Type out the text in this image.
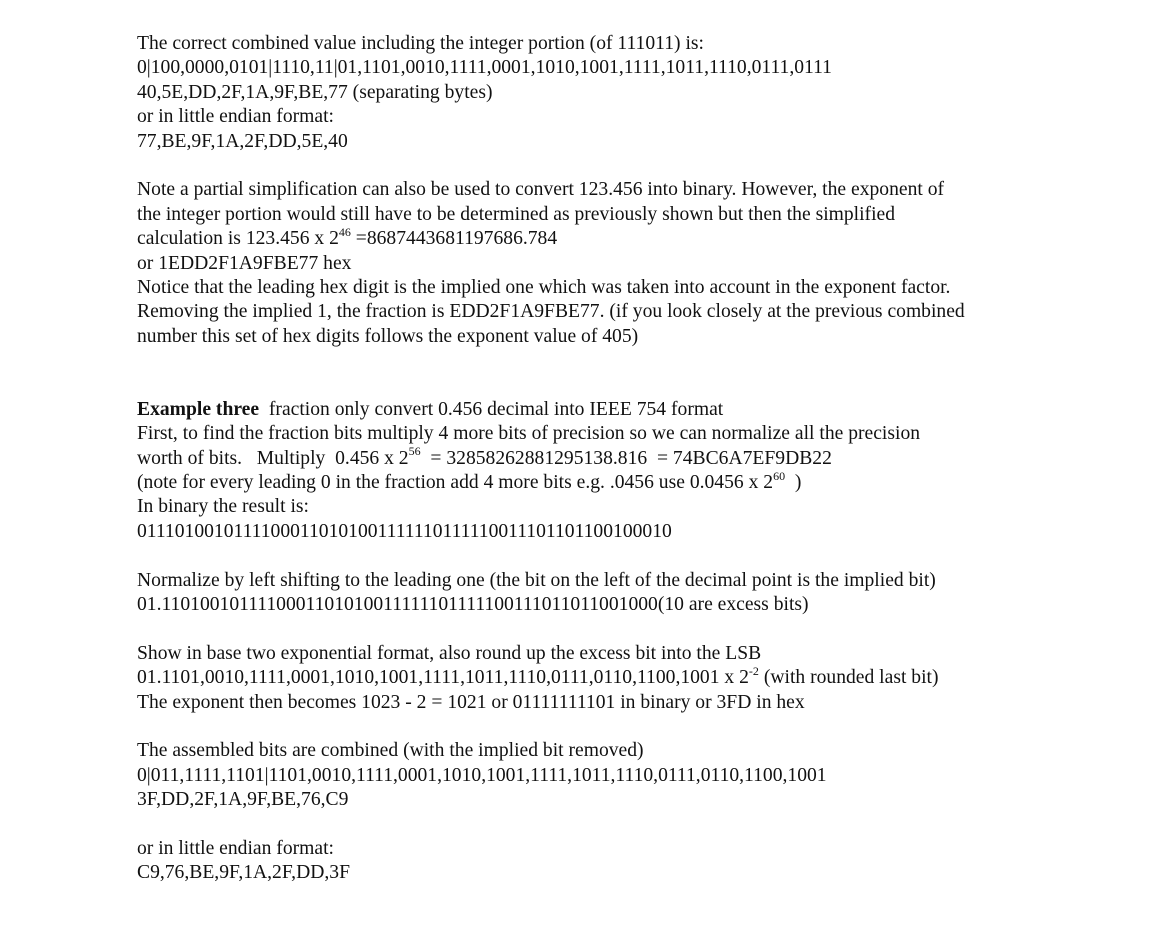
The correct combined value including the integer portion (of 111011) is:
0|100,0000,0101|1110,11|01,1101,0010,1111,0001,1010,1001,1111,1011,1110,0111,0111
40,5E,DD,2F,1A,9F,BE,77 (separating bytes)
or in little endian format:
77,BE,9F,1A,2F,DD,5E,40
Note a partial simplification can also be used to convert 123.456 into binary. However, the exponent of
the integer portion would still have to be determined as previously shown but then the simplified
calculation is 123.456 x $2^{46} =8687443681197686.784$
or 1EDD2F1A9FBE77 hex
Notice that the leading hex digit is the implied one which was taken into account in the exponent factor.
Removing the implied 1, the fraction is EDD2F1A9FBE77. (if you look closely at the previous combined
number this set of hex digits follows the exponent value of 405)
Example three  fraction only convert 0.456 decimal into IEEE 754 format
First, to find the fraction bits multiply 4 more bits of precision so we can normalize all the precision
worth of bits.   Multiply  0.456 x $2^{56} = 32858262881295138.816 = 74BC6A7EF9DB22$
(note for every leading 0 in the fraction add 4 more bits e.g. .0456 use 0.0456 x $2^{60}$  )
In binary the result is:
01110100101111000110101001111110111110011101101100100010
Normalize by left shifting to the leading one (the bit on the left of the decimal point is the implied bit)
01.1101001011110001101010011111101111100111011011001000(10 are excess bits)
Show in base two exponential format, also round up the excess bit into the LSB
01.1101,0010,1111,0001,1010,1001,1111,1011,1110,0111,0110,1100,1001 x $2^{-2}$ (with rounded last bit)
The exponent then becomes 1023 - 2 = 1021 or 01111111101 in binary or 3FD in hex
The assembled bits are combined (with the implied bit removed)
0|011,1111,1101|1101,0010,1111,0001,1010,1001,1111,1011,1110,0111,0110,1100,1001
3F,DD,2F,1A,9F,BE,76,C9
or in little endian format:
C9,76,BE,9F,1A,2F,DD,3F
